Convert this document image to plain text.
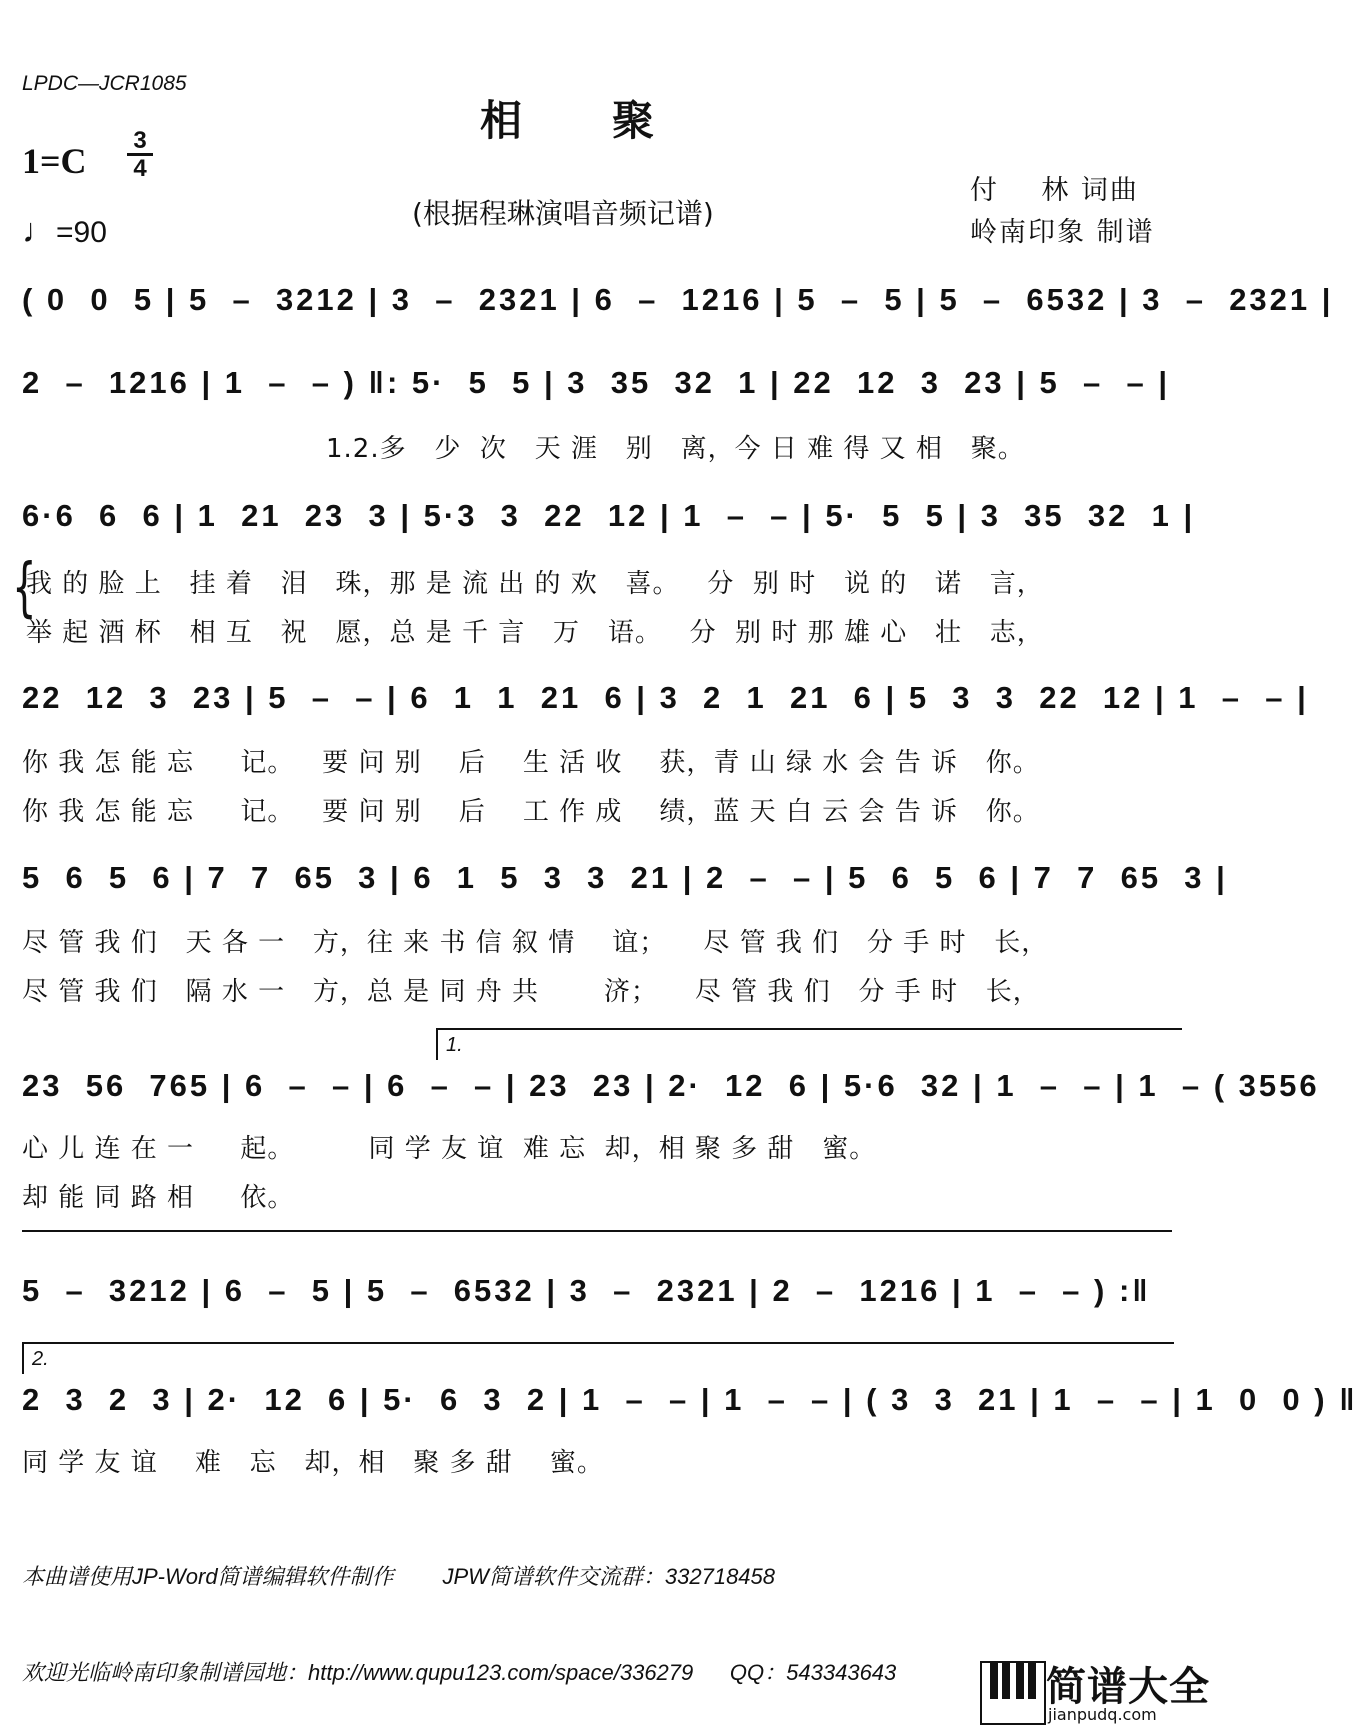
LPDC—JCR1085
相聚
1=C
3
4
♩=90
(根据程琳演唱音频记谱)
付    林 词曲
岭南印象 制谱
( 0  0  5 | 5  –  3212 | 3  –  2321 | 6  –  1216 | 5  –  5 | 5  –  6532 | 3  –  2321 |
2  –  1216 | 1  –  – ) ‖: 5·  5  5 | 3  35  32  1 | 22  12  3  23 | 5  –  – |
1.2.多   少  次   天 涯   别   离，今 日 难 得 又 相   聚。
6·6  6  6 | 1  21  23  3 | 5·3  3  22  12 | 1  –  – | 5·  5  5 | 3  35  32  1 |
{
我 的 脸 上   挂 着   泪   珠，那 是 流 出 的 欢   喜。   分  别 时   说 的   诺   言，
举 起 酒 杯   相 互   祝   愿，总 是 千 言   万   语。   分  别 时 那 雄 心   壮   志，
22  12  3  23 | 5  –  – | 6  1  1  21  6 | 3  2  1  21  6 | 5  3  3  22  12 | 1  –  – |
你 我 怎 能 忘     记。   要 问 别    后    生 活 收    获，青 山 绿 水 会 告 诉   你。
你 我 怎 能 忘     记。   要 问 别    后    工 作 成    绩，蓝 天 白 云 会 告 诉   你。
5  6  5  6 | 7  7  65  3 | 6  1  5  3  3  21 | 2  –  – | 5  6  5  6 | 7  7  65  3 |
尽 管 我 们   天 各 一   方，往 来 书 信 叙 情    谊；    尽 管 我 们   分 手 时   长，
尽 管 我 们   隔 水 一   方，总 是 同 舟 共       济；    尽 管 我 们   分 手 时   长，
1.
23  56  765 | 6  –  – | 6  –  – | 23  23 | 2·  12  6 | 5·6  32 | 1  –  – | 1  – ( 3556
心 儿 连 在 一     起。        同 学 友 谊  难 忘  却，相 聚 多 甜   蜜。
却 能 同 路 相     依。
5  –  3212 | 6  –  5 | 5  –  6532 | 3  –  2321 | 2  –  1216 | 1  –  – ) :‖
2.
2  3  2  3 | 2·  12  6 | 5·  6  3  2 | 1  –  – | 1  –  – | ( 3  3  21 | 1  –  – | 1  0  0 ) ‖
同 学 友 谊    难   忘   却，相   聚 多 甜    蜜。

本曲谱使用JP-Word简谱编辑软件制作        JPW简谱软件交流群：332718458

欢迎光临岭南印象制谱园地：http://www.qupu123.com/space/336279      QQ：543343643	简谱大全
jianpudq.com
